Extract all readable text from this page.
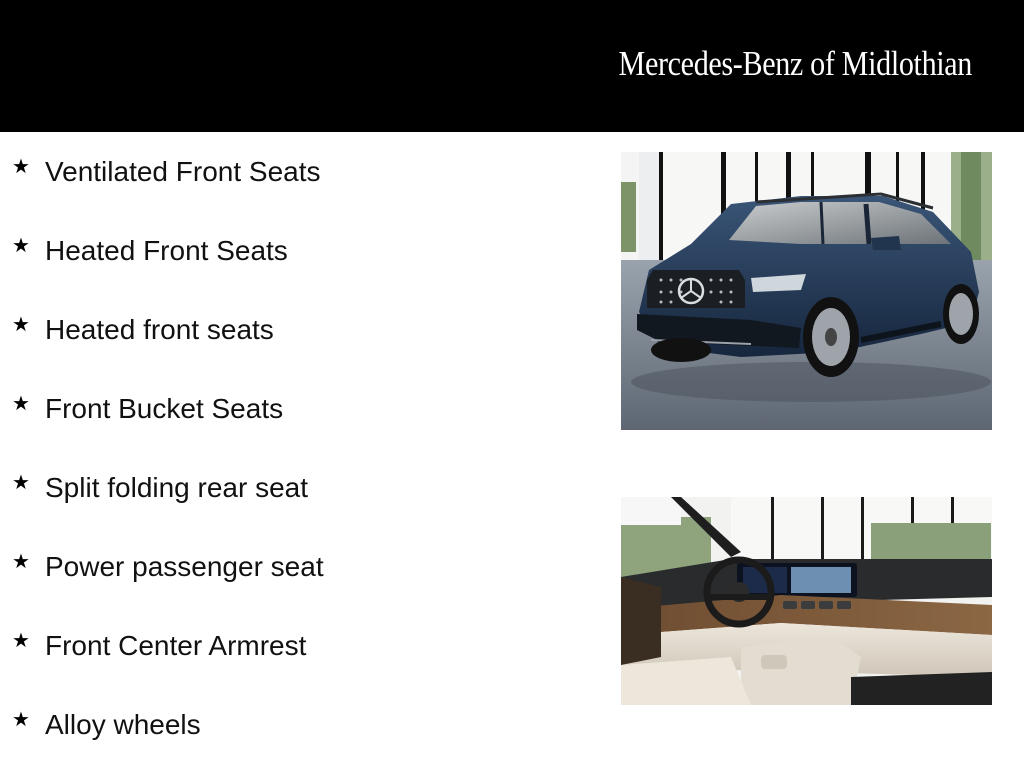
Mercedes-Benz of Midlothian
★ Ventilated Front Seats
★ Heated Front Seats
★ Heated front seats
★ Front Bucket Seats
★ Split folding rear seat
★ Power passenger seat
★ Front Center Armrest
★ Alloy wheels
